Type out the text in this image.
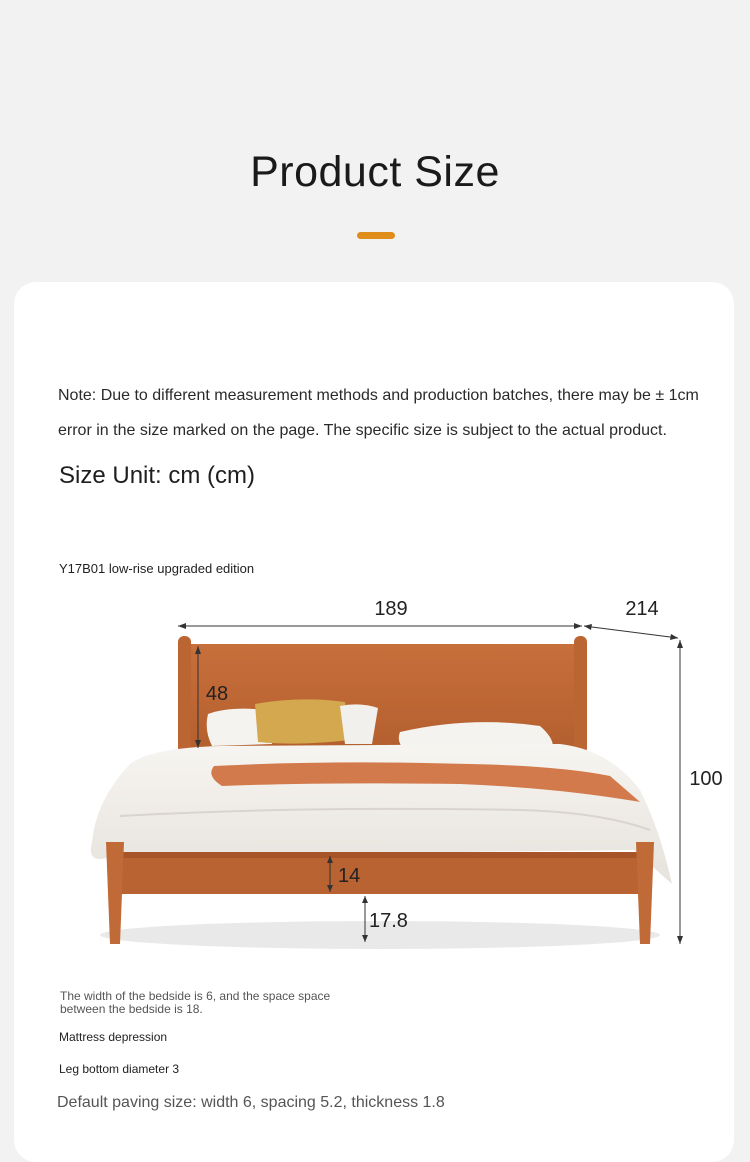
Product Size
Note: Due to different measurement methods and production batches, there may be ± 1cm error in the size marked on the page. The specific size is subject to the actual product.
Size Unit: cm (cm)
Y17B01 low-rise upgraded edition
189	214
100
48
14
17.8
The width of the bedside is 6, and the space space between the bedside is 18.
Mattress depression
Leg bottom diameter 3
Default paving size: width 6, spacing 5.2, thickness 1.8
